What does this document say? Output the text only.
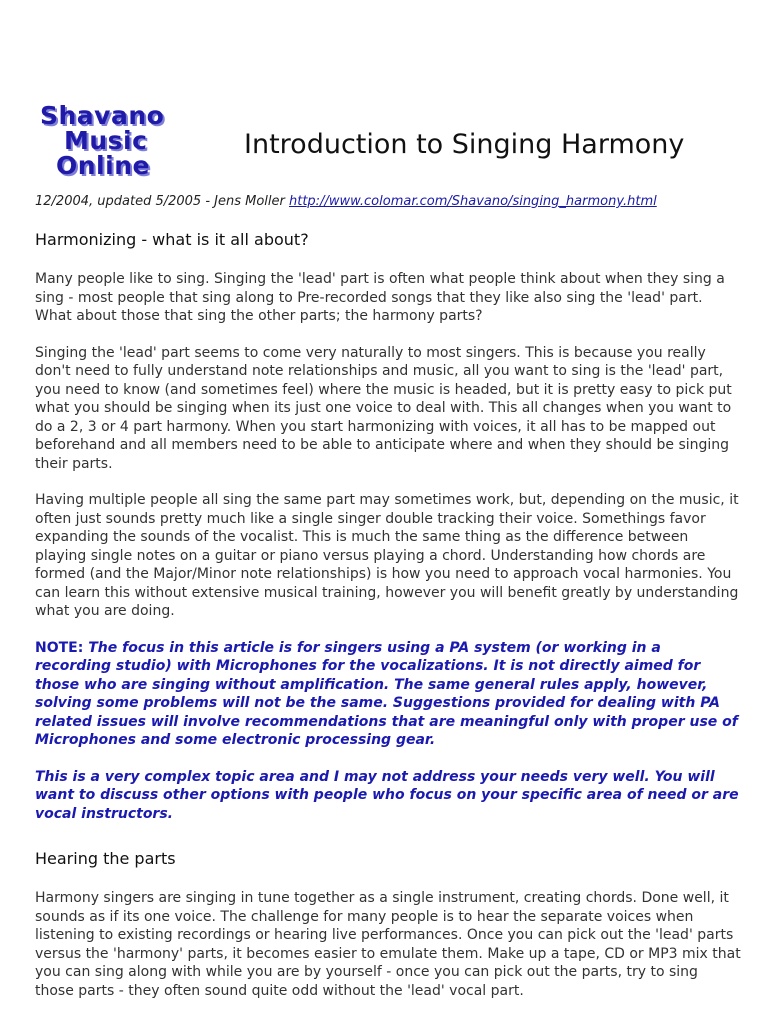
Shavano
Music
Online
Introduction to Singing Harmony

12/2004, updated 5/2005 - Jens Moller http://www.colomar.com/Shavano/singing_harmony.html

Harmonizing - what is it all about?

Many people like to sing. Singing the 'lead' part is often what people think about when they sing a sing - most people that sing along to Pre-recorded songs that they like also sing the 'lead' part. What about those that sing the other parts; the harmony parts?

Singing the 'lead' part seems to come very naturally to most singers. This is because you really don't need to fully understand note relationships and music, all you want to sing is the 'lead' part, you need to know (and sometimes feel) where the music is headed, but it is pretty easy to pick put what you should be singing when its just one voice to deal with. This all changes when you want to do a 2, 3 or 4 part harmony. When you start harmonizing with voices, it all has to be mapped out beforehand and all members need to be able to anticipate where and when they should be singing their parts.

Having multiple people all sing the same part may sometimes work, but, depending on the music, it often just sounds pretty much like a single singer double tracking their voice. Somethings favor expanding the sounds of the vocalist. This is much the same thing as the difference between playing single notes on a guitar or piano versus playing a chord. Understanding how chords are formed (and the Major/Minor note relationships) is how you need to approach vocal harmonies. You can learn this without extensive musical training, however you will benefit greatly by understanding what you are doing.

NOTE: The focus in this article is for singers using a PA system (or working in a recording studio) with Microphones for the vocalizations. It is not directly aimed for those who are singing without amplification. The same general rules apply, however, solving some problems will not be the same. Suggestions provided for dealing with PA related issues will involve recommendations that are meaningful only with proper use of Microphones and some electronic processing gear.

This is a very complex topic area and I may not address your needs very well. You will want to discuss other options with people who focus on your specific area of need or are vocal instructors.

Hearing the parts

Harmony singers are singing in tune together as a single instrument, creating chords. Done well, it sounds as if its one voice. The challenge for many people is to hear the separate voices when listening to existing recordings or hearing live performances. Once you can pick out the 'lead' parts versus the 'harmony' parts, it becomes easier to emulate them. Make up a tape, CD or MP3 mix that you can sing along with while you are by yourself - once you can pick out the parts, try to sing those parts - they often sound quite odd without the 'lead' vocal part.
